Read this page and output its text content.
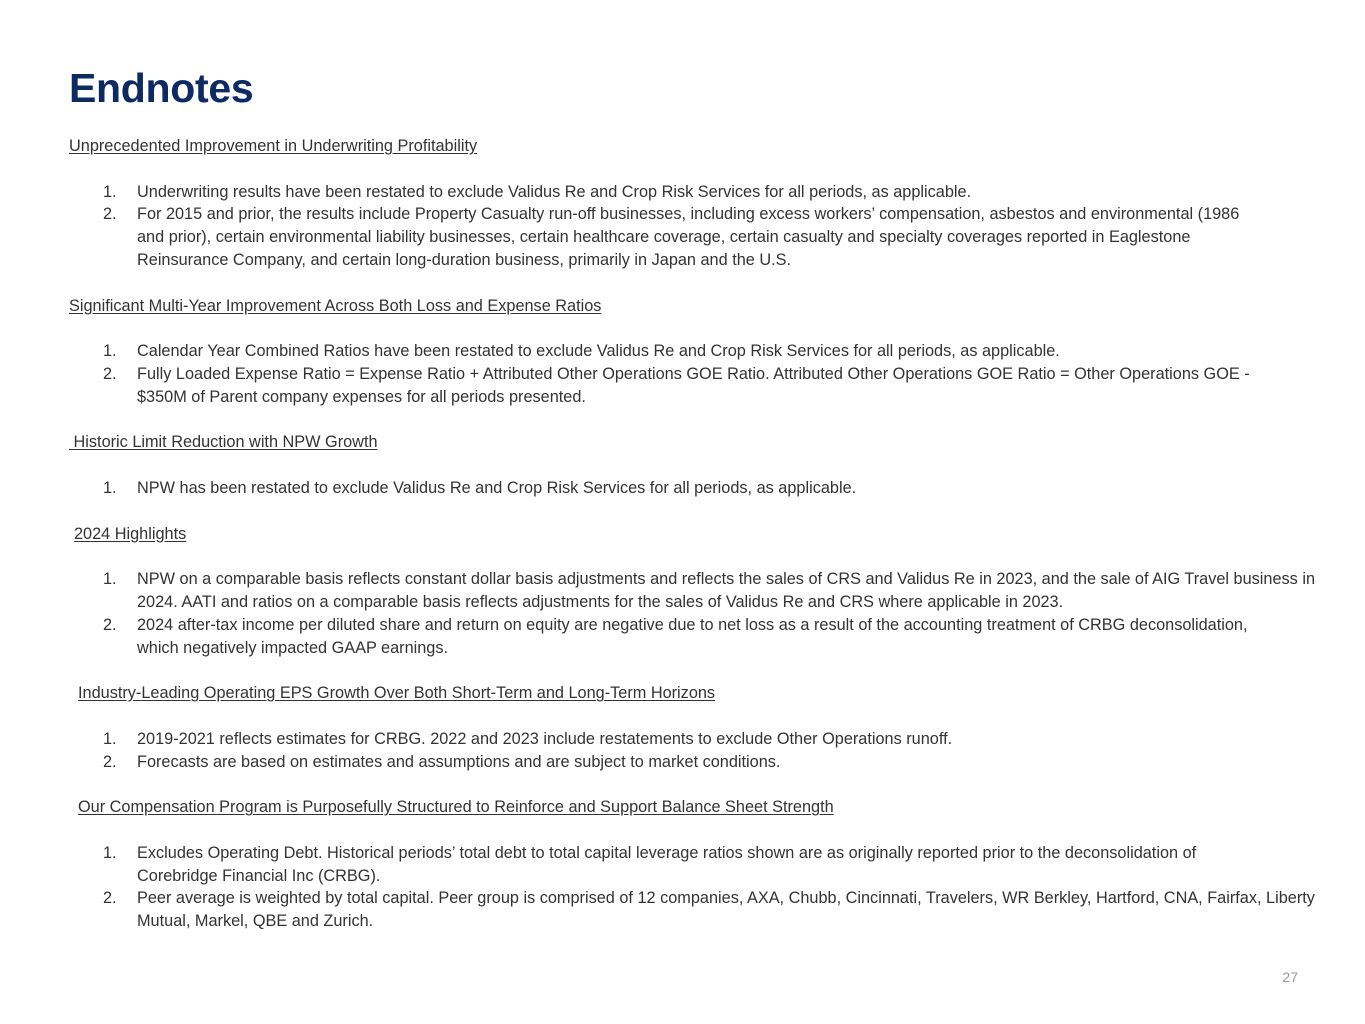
Endnotes
Unprecedented Improvement in Underwriting Profitability
1. Underwriting results have been restated to exclude Validus Re and Crop Risk Services for all periods, as applicable.
2. For 2015 and prior, the results include Property Casualty run-off businesses, including excess workers’ compensation, asbestos and environmental (1986 and prior), certain environmental liability businesses, certain healthcare coverage, certain casualty and specialty coverages reported in Eaglestone Reinsurance Company, and certain long-duration business, primarily in Japan and the U.S.
Significant Multi-Year Improvement Across Both Loss and Expense Ratios
1. Calendar Year Combined Ratios have been restated to exclude Validus Re and Crop Risk Services for all periods, as applicable.
2. Fully Loaded Expense Ratio = Expense Ratio + Attributed Other Operations GOE Ratio. Attributed Other Operations GOE Ratio = Other Operations GOE - $350M of Parent company expenses for all periods presented.
Historic Limit Reduction with NPW Growth
1. NPW has been restated to exclude Validus Re and Crop Risk Services for all periods, as applicable.
2024 Highlights
1. NPW on a comparable basis reflects constant dollar basis adjustments and reflects the sales of CRS and Validus Re in 2023, and the sale of AIG Travel business in 2024. AATI and ratios on a comparable basis reflects adjustments for the sales of Validus Re and CRS where applicable in 2023.
2. 2024 after-tax income per diluted share and return on equity are negative due to net loss as a result of the accounting treatment of CRBG deconsolidation, which negatively impacted GAAP earnings.
Industry-Leading Operating EPS Growth Over Both Short-Term and Long-Term Horizons
1. 2019-2021 reflects estimates for CRBG. 2022 and 2023 include restatements to exclude Other Operations runoff.
2. Forecasts are based on estimates and assumptions and are subject to market conditions.
Our Compensation Program is Purposefully Structured to Reinforce and Support Balance Sheet Strength
1. Excludes Operating Debt. Historical periods’ total debt to total capital leverage ratios shown are as originally reported prior to the deconsolidation of Corebridge Financial Inc (CRBG).
2. Peer average is weighted by total capital. Peer group is comprised of 12 companies, AXA, Chubb, Cincinnati, Travelers, WR Berkley, Hartford, CNA, Fairfax, Liberty Mutual, Markel, QBE and Zurich.
27
